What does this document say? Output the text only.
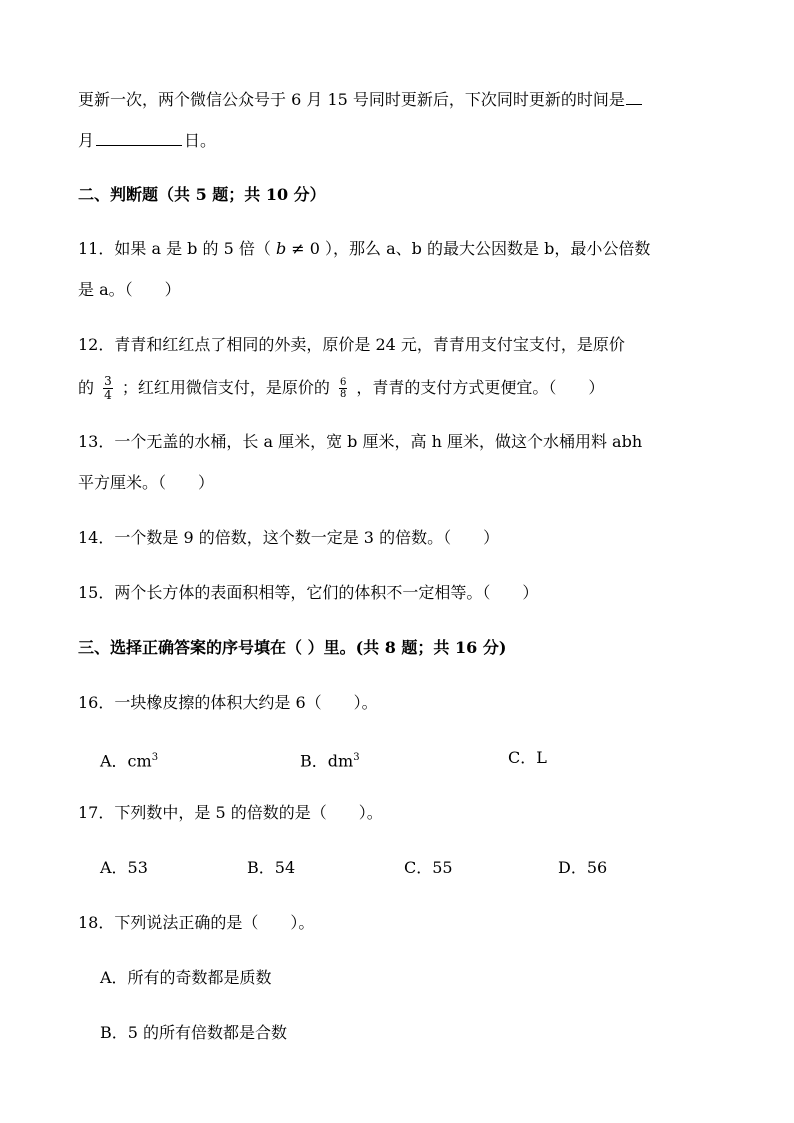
更新一次，两个微信公众号于 6 月 15 号同时更新后，下次同时更新的时间是
月	日。
二、判断题（共 5 题；共 10 分）
11．如果 a 是 b 的 5 倍（ b ≠ 0 ），那么 a、b 的最大公因数是 b，最小公倍数
是 a。（　　）
12．青青和红红点了相同的外卖，原价是 24 元，青青用支付宝支付，是原价
的 $\frac{3}{4}$ ；红红用微信支付，是原价的 $\frac{6}{8}$ ，青青的支付方式更便宜。（　　）
13．一个无盖的水桶，长 a 厘米，宽 b 厘米，高 h 厘米，做这个水桶用料 abh
平方厘米。（　　）
14．一个数是 9 的倍数，这个数一定是 3 的倍数。（　　）
15．两个长方体的表面积相等，它们的体积不一定相等。（　　）
三、选择正确答案的序号填在（ ）里。(共 8 题；共 16 分)
16．一块橡皮擦的体积大约是 6（　　）。
A．$cm^3$	B．$dm^3$	C．L
17．下列数中，是 5 的倍数的是（　　）。
A．53	B．54	C．55	D．56
18．下列说法正确的是（　　）。
A．所有的奇数都是质数
B．5 的所有倍数都是合数
